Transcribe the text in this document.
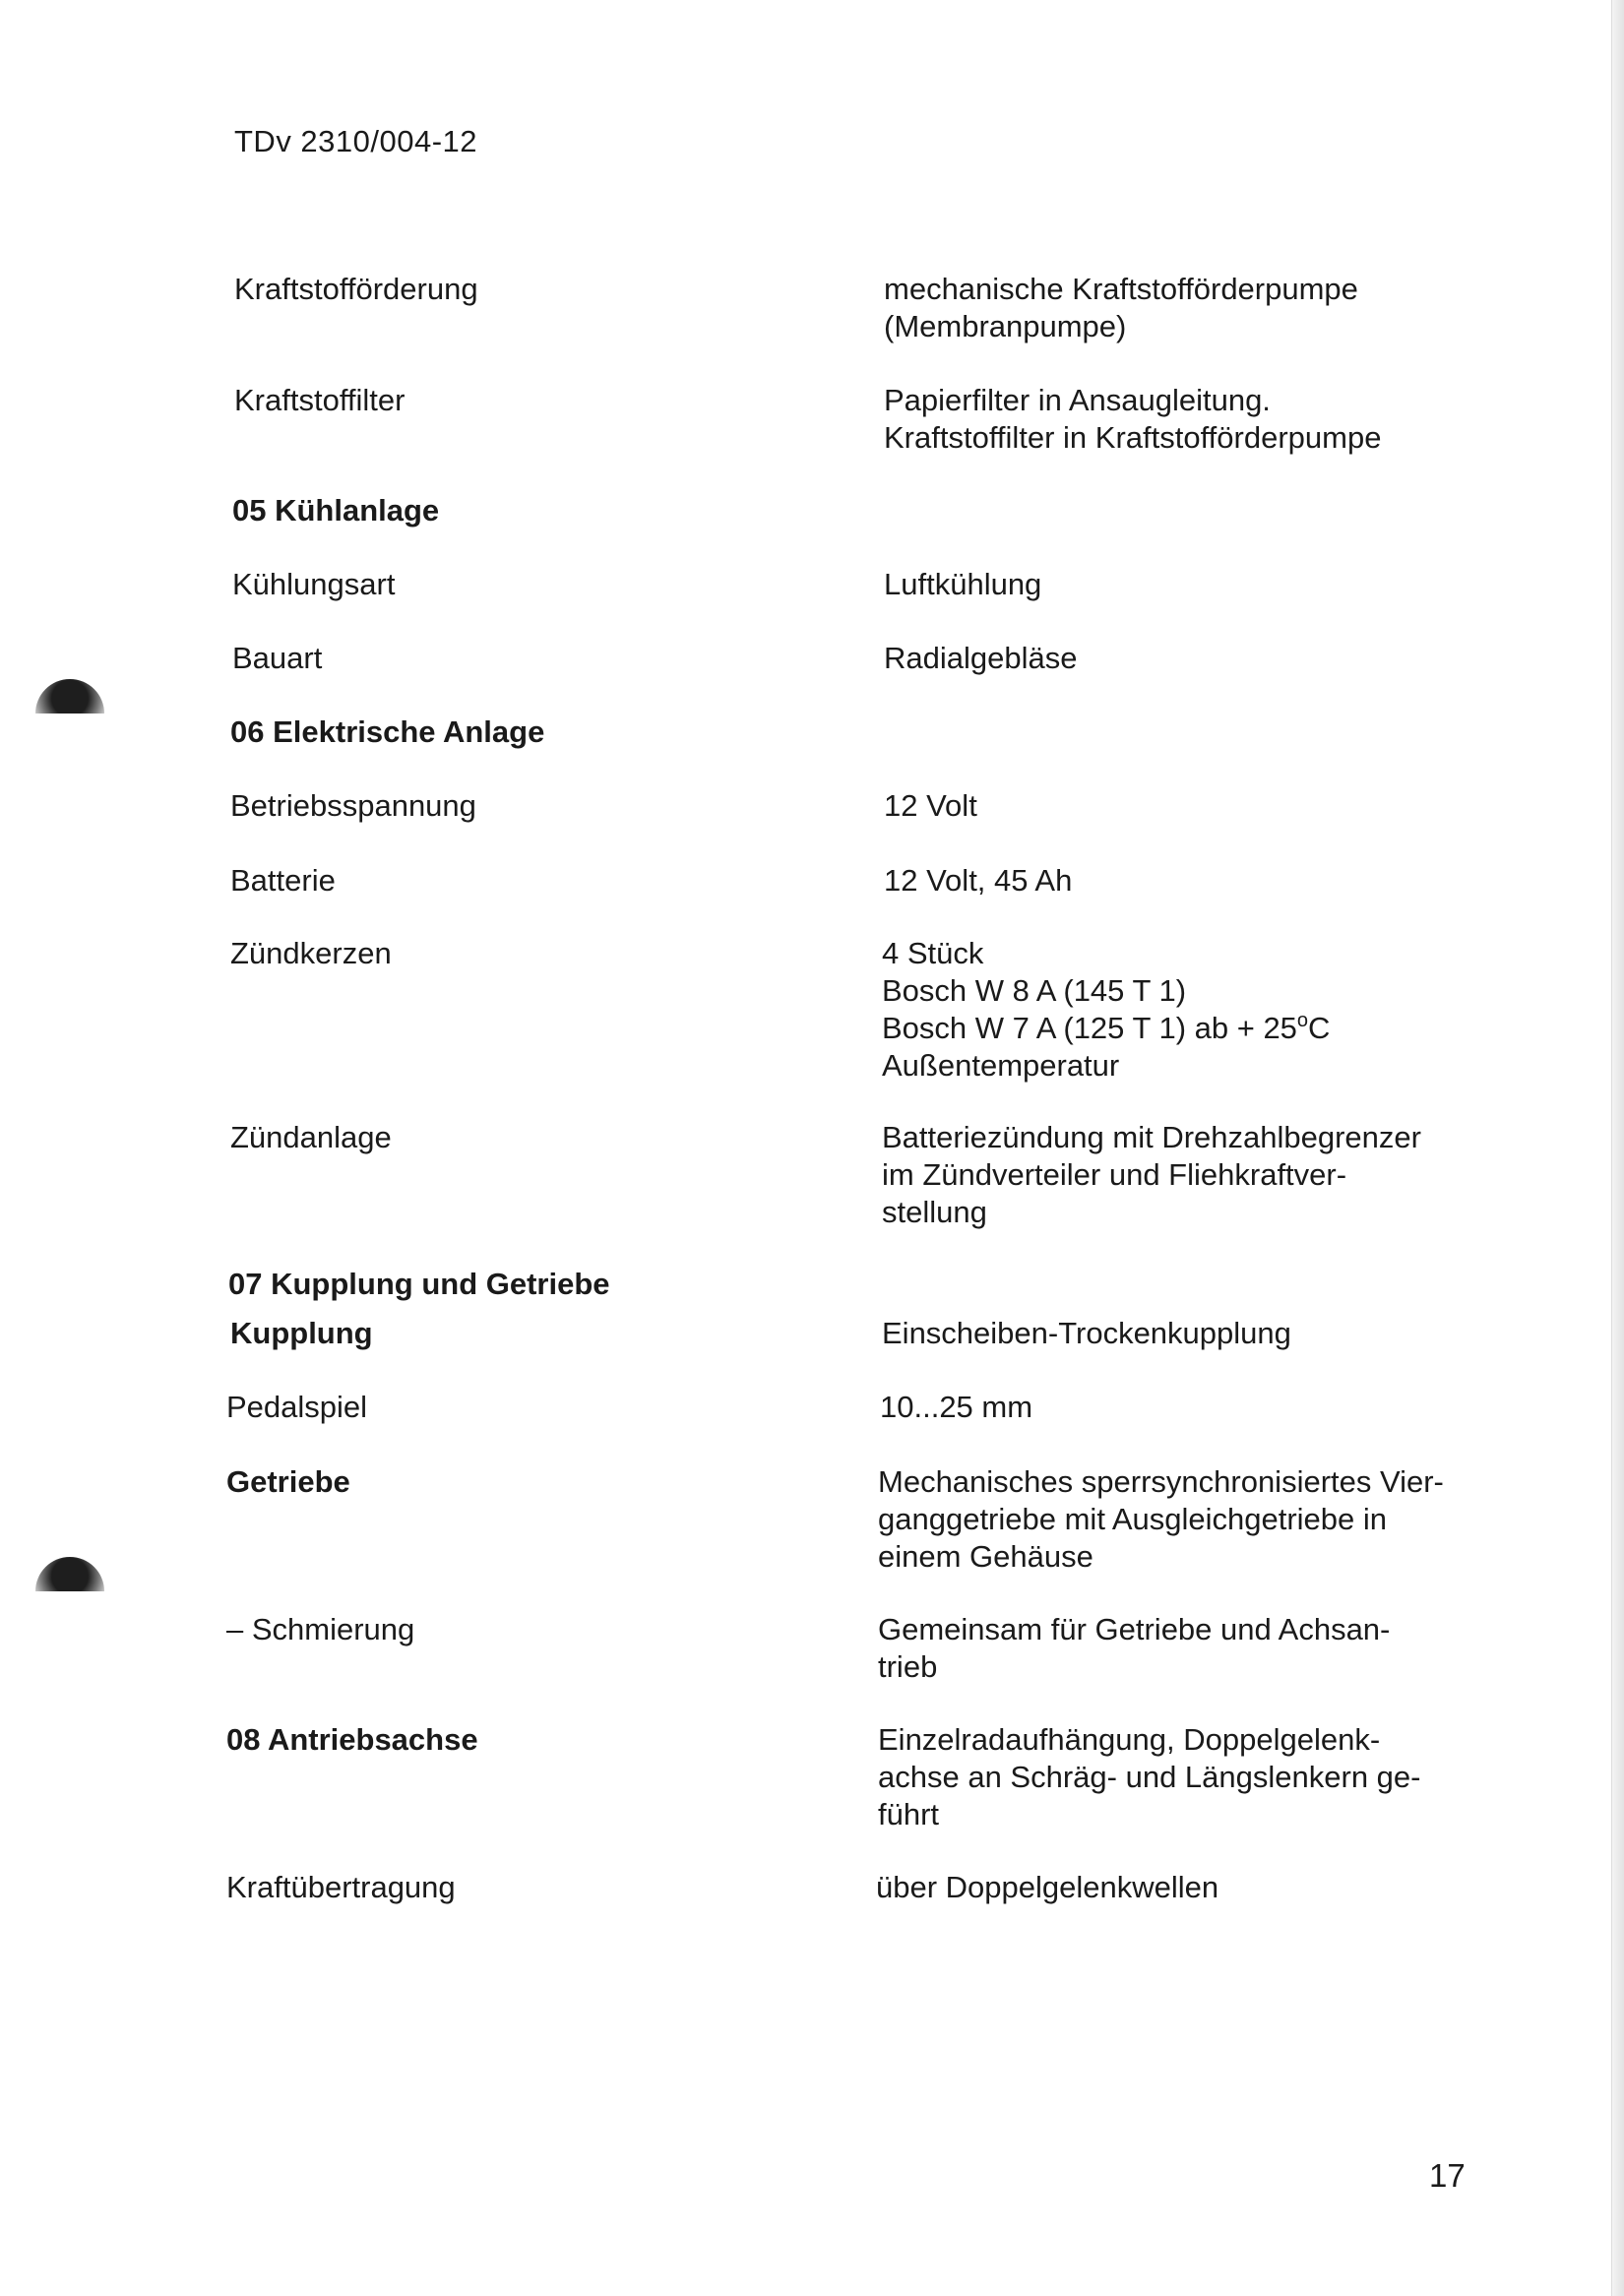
TDv 2310/004-12
Kraftstofförderung	mechanische Kraftstofförderpumpe
(Membranpumpe)
Kraftstoffilter	Papierfilter in Ansaugleitung.
Kraftstoffilter in Kraftstofförderpumpe
05 Kühlanlage
Kühlungsart	Luftkühlung
Bauart	Radialgebläse
06 Elektrische Anlage
Betriebsspannung	12 Volt
Batterie	12 Volt, 45 Ah
Zündkerzen	4 Stück
Bosch W 8 A (145 T 1)
Bosch W 7 A (125 T 1) ab + $25^oC$
Außentemperatur
Zündanlage	Batteriezündung mit Drehzahlbegrenzer
im Zündverteiler und Fliehkraftver-
stellung
07 Kupplung und Getriebe
Kupplung	Einscheiben-Trockenkupplung
Pedalspiel	10...25 mm
Getriebe	Mechanisches sperrsynchronisiertes Vier-
ganggetriebe mit Ausgleichgetriebe in
einem Gehäuse
– Schmierung	Gemeinsam für Getriebe und Achsan-
trieb
08 Antriebsachse	Einzelradaufhängung, Doppelgelenk-
achse an Schräg- und Längslenkern ge-
führt
Kraftübertragung	über Doppelgelenkwellen
17
